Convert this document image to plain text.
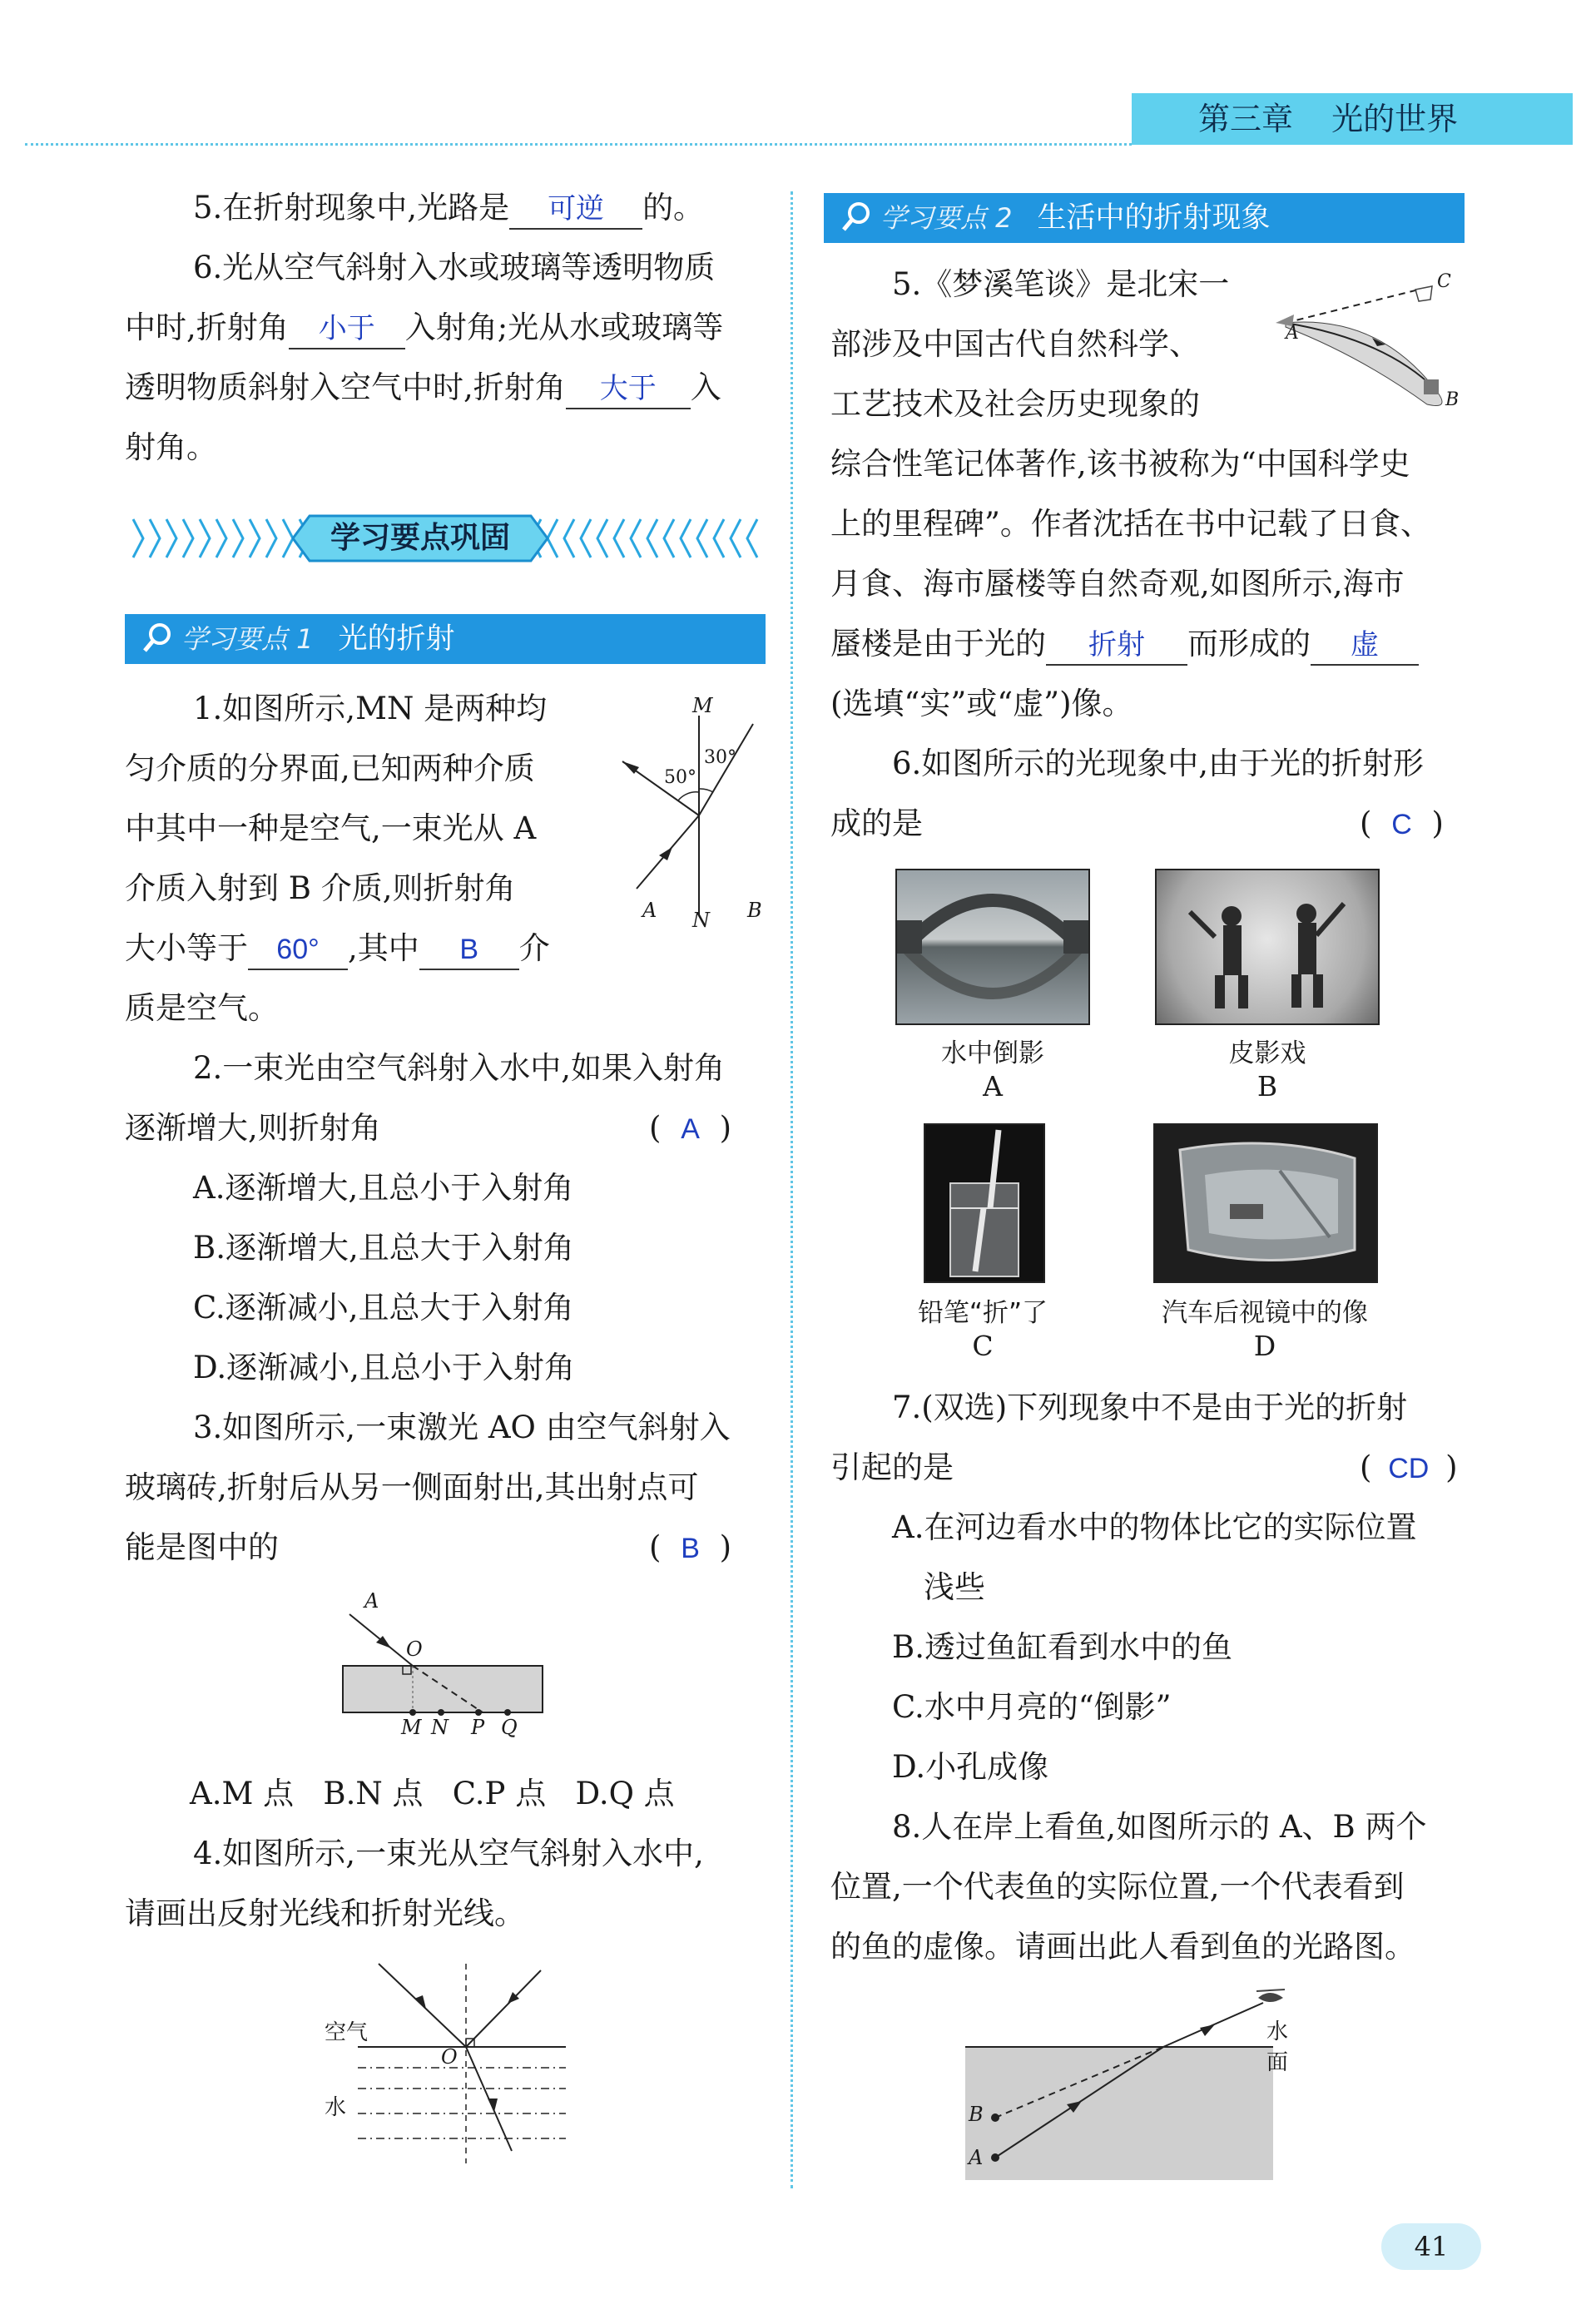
第三章 光的世界
5.在折射现象中,光路是 可逆 的。
6.光从空气斜射入水或玻璃等透明物质
中时,折射角 小于 入射角;光从水或玻璃等
透明物质斜射入空气中时,折射角 大于 入
射角。
学习要点巩固
学习要点 1 光的折射
1.如图所示,MN 是两种均
匀介质的分界面,已知两种介质
中其中一种是空气,一束光从 A
介质入射到 B 介质,则折射角
大小等于 60° ,其中 B 介
质是空气。
M
N
A	B
50°
30°
2.一束光由空气斜射入水中,如果入射角
逐渐增大,则折射角	( A )
A.逐渐增大,且总小于入射角
B.逐渐增大,且总大于入射角
C.逐渐减小,且总大于入射角
D.逐渐减小,且总小于入射角
3.如图所示,一束激光 AO 由空气斜射入
玻璃砖,折射后从另一侧面射出,其出射点可
能是图中的	( B )
A
O
M N P Q
A.M 点   B.N 点   C.P 点   D.Q 点
4.如图所示,一束光从空气斜射入水中,
请画出反射光线和折射光线。
空气
水
O
学习要点 2 生活中的折射现象
5.《梦溪笔谈》是北宋一
部涉及中国古代自然科学、
工艺技术及社会历史现象的
综合性笔记体著作,该书被称为“中国科学史
上的里程碑”。作者沈括在书中记载了日食、
月食、海市蜃楼等自然奇观,如图所示,海市
蜃楼是由于光的 折射 而形成的 虚
(选填“实”或“虚”)像。
A
B
C
6.如图所示的光现象中,由于光的折射形
成的是	( C )
水中倒影
A
皮影戏
B
铅笔“折”了
C
汽车后视镜中的像
D
7.(双选)下列现象中不是由于光的折射
引起的是	( CD )
A.在河边看水中的物体比它的实际位置
浅些
B.透过鱼缸看到水中的鱼
C.水中月亮的“倒影”
D.小孔成像
8.人在岸上看鱼,如图所示的 A、B 两个
位置,一个代表鱼的实际位置,一个代表看到
的鱼的虚像。请画出此人看到鱼的光路图。
水面
B
A
41
